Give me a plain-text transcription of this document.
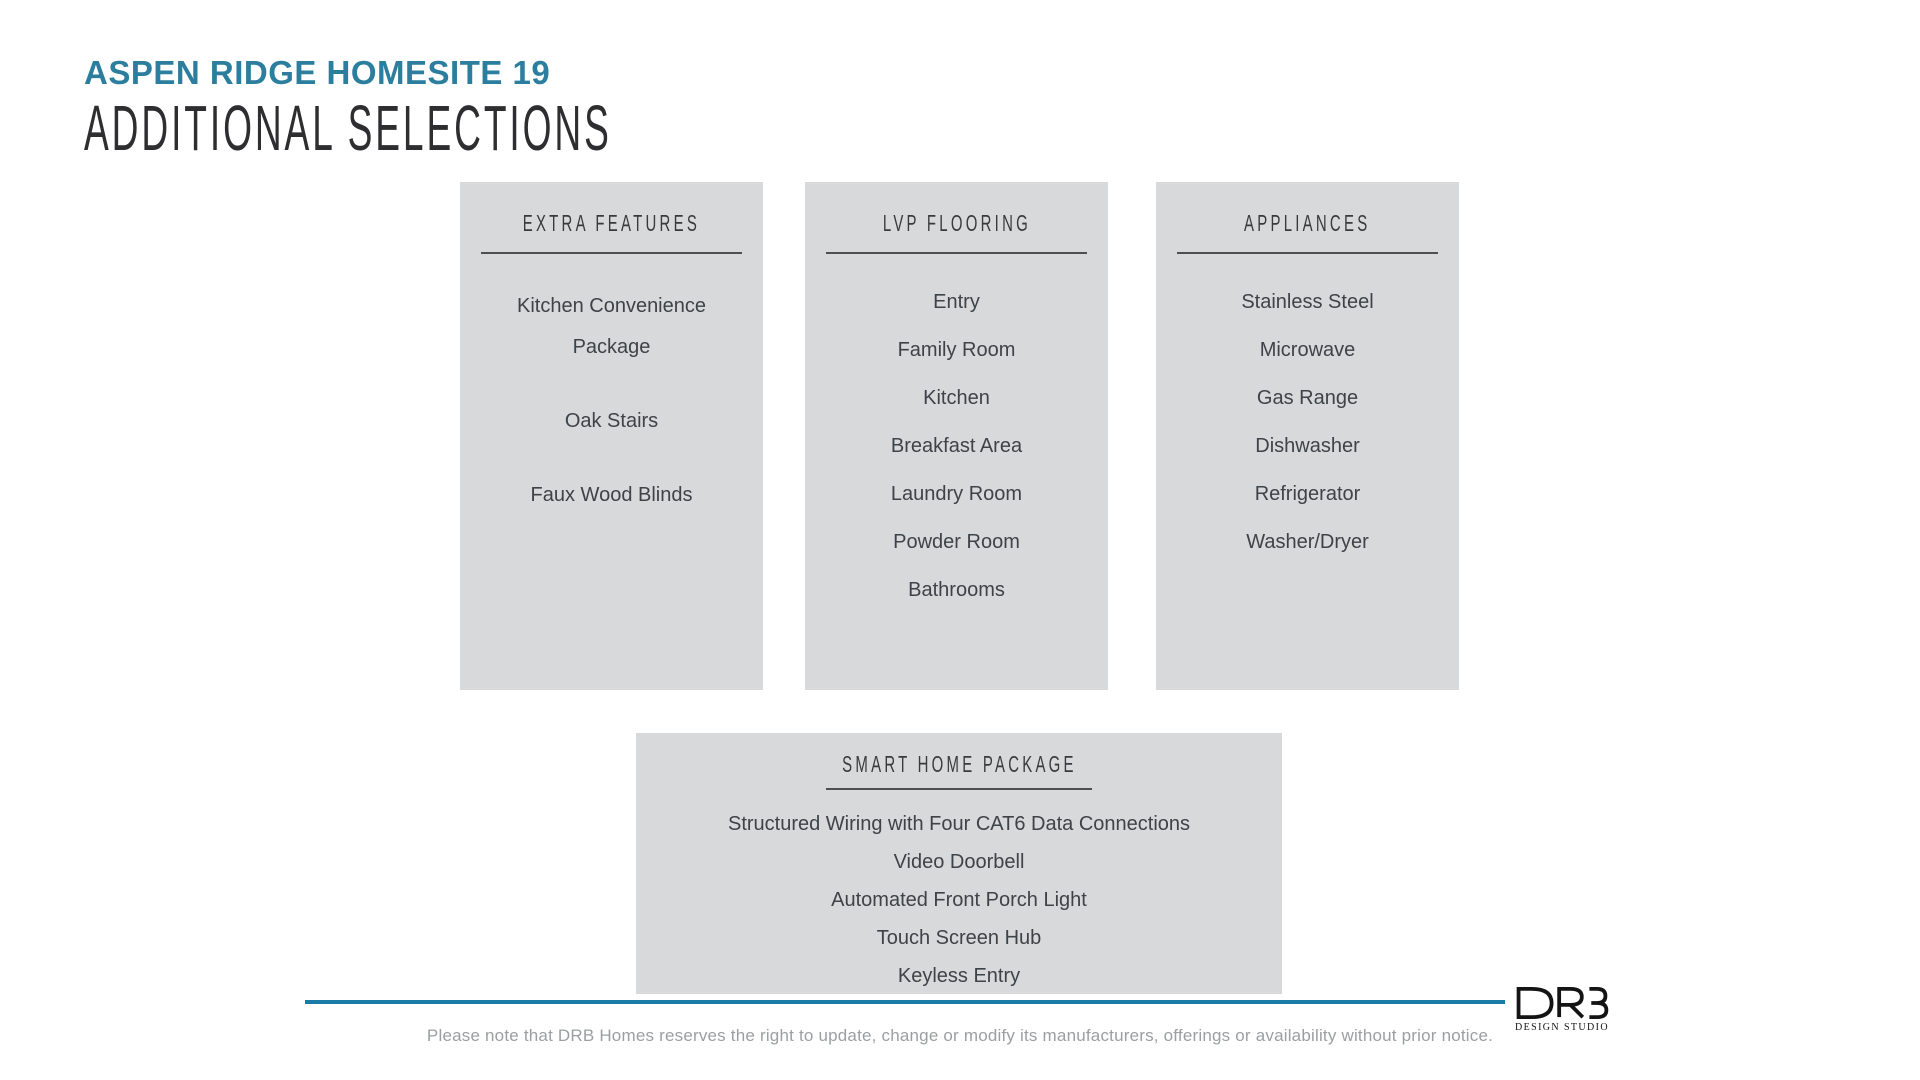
ASPEN RIDGE HOMESITE 19
ADDITIONAL SELECTIONS
EXTRA FEATURES
Kitchen Convenience Package
Oak Stairs
Faux Wood Blinds
LVP FLOORING
Entry
Family Room
Kitchen
Breakfast Area
Laundry Room
Powder Room
Bathrooms
APPLIANCES
Stainless Steel
Microwave
Gas Range
Dishwasher
Refrigerator
Washer/Dryer
SMART HOME PACKAGE
Structured Wiring with Four CAT6 Data Connections
Video Doorbell
Automated Front Porch Light
Touch Screen Hub
Keyless Entry
Please note that DRB Homes reserves the right to update, change or modify its manufacturers, offerings or availability without prior notice.	DESIGN STUDIO
